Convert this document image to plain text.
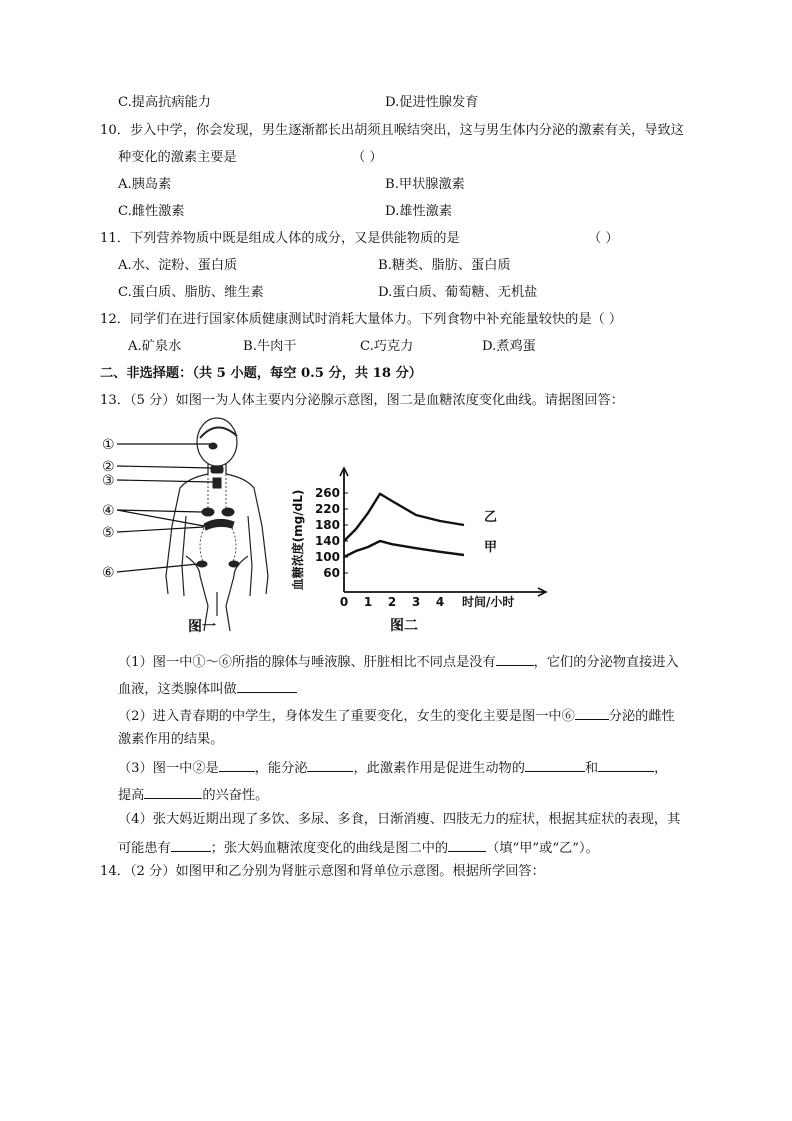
C.提高抗病能力	D.促进性腺发育
10．步入中学，你会发现，男生逐渐都长出胡须且喉结突出，这与男生体内分泌的激素有关，导致这
种变化的激素主要是	（ ）
A.胰岛素	B.甲状腺激素
C.雌性激素	D.雄性激素
11．下列营养物质中既是组成人体的成分，又是供能物质的是	（ ）
A.水、淀粉、蛋白质	B.糖类、脂肪、蛋白质
C.蛋白质、脂肪、维生素	D.蛋白质、葡萄糖、无机盐
12．同学们在进行国家体质健康测试时消耗大量体力。下列食物中补充能量较快的是（ ）
A.矿泉水	B.牛肉干	C.巧克力	D.煮鸡蛋
二、非选择题：（共 5 小题，每空 0.5 分，共 18 分）
13．（5 分）如图一为人体主要内分泌腺示意图，图二是血糖浓度变化曲线。请据图回答：
①
②
③
④
⑤
⑥
图一
60
100
140
180
220
260
0 1 2 3 4 时间/小时
血糖浓度(mg/dL)	乙
甲
图二
（1）图一中①～⑥所指的腺体与唾液腺、肝脏相比不同点是没有	，它们的分泌物直接进入
血液，这类腺体叫做
（2）进入青春期的中学生，身体发生了重要变化，女生的变化主要是图一中⑥	分泌的雌性
激素作用的结果。
（3）图一中②是	，能分泌	，此激素作用是促进生动物的	和	，
提高	的兴奋性。
（4）张大妈近期出现了多饮、多尿、多食，日渐消瘦、四肢无力的症状，根据其症状的表现，其
可能患有	；张大妈血糖浓度变化的曲线是图二中的	（填“甲”或“乙”）。
14．（2 分）如图甲和乙分别为肾脏示意图和肾单位示意图。根据所学回答：
